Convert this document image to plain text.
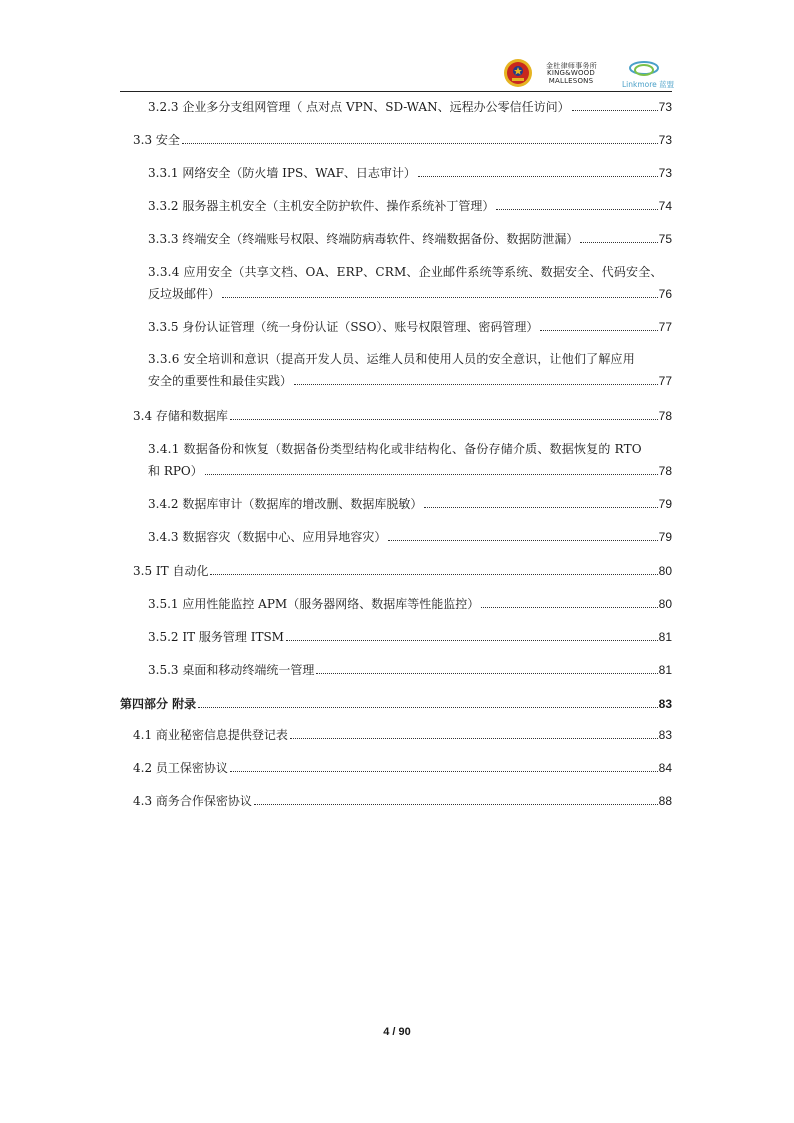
金杜律师事务所
KING&WOOD
MALLESONS	Linkmore 蓝盟
3.2.3 企业多分支组网管理（ 点对点 VPN、SD-WAN、远程办公零信任访问）	73
3.3 安全	73
3.3.1 网络安全（防火墙 IPS、WAF、日志审计）	73
3.3.2 服务器主机安全（主机安全防护软件、操作系统补丁管理）	74
3.3.3 终端安全（终端账号权限、终端防病毒软件、终端数据备份、数据防泄漏）	75
3.3.4 应用安全（共享文档、OA、ERP、CRM、企业邮件系统等系统、数据安全、代码安全、
反垃圾邮件）	76
3.3.5 身份认证管理（统一身份认证（SSO）、账号权限管理、密码管理）	77
3.3.6 安全培训和意识（提高开发人员、运维人员和使用人员的安全意识，让他们了解应用
安全的重要性和最佳实践）	77
3.4 存储和数据库	78
3.4.1 数据备份和恢复（数据备份类型结构化或非结构化、备份存储介质、数据恢复的 RTO
和 RPO）	78
3.4.2 数据库审计（数据库的增改删、数据库脱敏）	79
3.4.3 数据容灾（数据中心、应用异地容灾）	79
3.5 IT 自动化	80
3.5.1 应用性能监控 APM（服务器网络、数据库等性能监控）	80
3.5.2 IT 服务管理 ITSM	81
3.5.3 桌面和移动终端统一管理	81
第四部分 附录	83
4.1 商业秘密信息提供登记表	83
4.2 员工保密协议	84
4.3 商务合作保密协议	88
4 / 90
